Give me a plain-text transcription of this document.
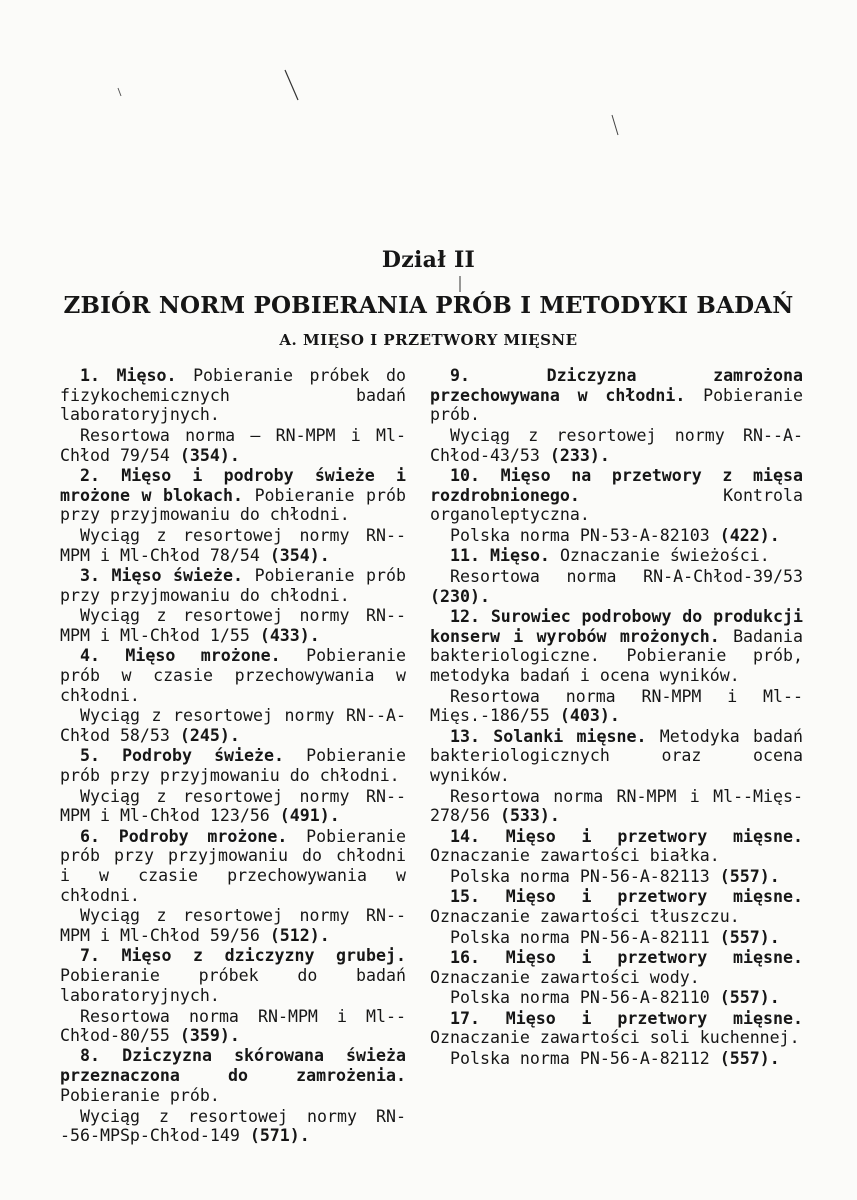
Dział II
ZBIÓR NORM POBIERANIA PRÓB I METODYKI BADAŃ
A. MIĘSO I PRZETWORY MIĘSNE
1. Mięso. Pobieranie próbek do fizykochemicznych badań laboratoryjnych.
Resortowa norma — RN-MPM i Ml-Chłod 79/54 (354).
2. Mięso i podroby świeże i mrożone w blokach. Pobieranie prób przy przyjmowaniu do chłodni.
Wyciąg z resortowej normy RN--MPM i Ml-Chłod 78/54 (354).
3. Mięso świeże. Pobieranie prób przy przyjmowaniu do chłodni.
Wyciąg z resortowej normy RN--MPM i Ml-Chłod 1/55 (433).
4. Mięso mrożone. Pobieranie prób w czasie przechowywania w chłodni.
Wyciąg z resortowej normy RN--A-Chłod 58/53 (245).
5. Podroby świeże. Pobieranie prób przy przyjmowaniu do chłodni.
Wyciąg z resortowej normy RN--MPM i Ml-Chłod 123/56 (491).
6. Podroby mrożone. Pobieranie prób przy przyjmowaniu do chłodni i w czasie przechowywania w chłodni.
Wyciąg z resortowej normy RN--MPM i Ml-Chłod 59/56 (512).
7. Mięso z dziczyzny grubej. Pobieranie próbek do badań laboratoryjnych.
Resortowa norma RN-MPM i Ml--Chłod-80/55 (359).
8. Dziczyzna skórowana świeża przeznaczona do zamrożenia. Pobieranie prób.
Wyciąg z resortowej normy RN--56-MPSp-Chłod-149 (571).
9.	Dziczyzna zamrożona przechowywana w chłodni. Pobieranie prób.
Wyciąg z resortowej normy RN--A-Chłod-43/53 (233).
10. Mięso na przetwory z mięsa rozdrobnionego.	Kontrola organoleptyczna.
Polska norma PN-53-A-82103 (422).
11. Mięso. Oznaczanie świeżości.
Resortowa norma RN-A-Chłod-39/53 (230).
12. Surowiec podrobowy do produkcji konserw i wyrobów mrożonych. Badania bakteriologiczne. Pobieranie prób, metodyka badań i ocena wyników.
Resortowa norma RN-MPM i Ml--Mięs.-186/55 (403).
13. Solanki mięsne. Metodyka badań bakteriologicznych oraz ocena wyników.
Resortowa norma RN-MPM i Ml--Mięs-278/56 (533).
14. Mięso i przetwory mięsne. Oznaczanie zawartości białka.
Polska norma PN-56-A-82113 (557).
15. Mięso i przetwory mięsne. Oznaczanie zawartości tłuszczu.
Polska norma PN-56-A-82111 (557).
16. Mięso i przetwory mięsne. Oznaczanie zawartości wody.
Polska norma PN-56-A-82110 (557).
17. Mięso i przetwory mięsne. Oznaczanie zawartości soli kuchennej.
Polska norma PN-56-A-82112 (557).
